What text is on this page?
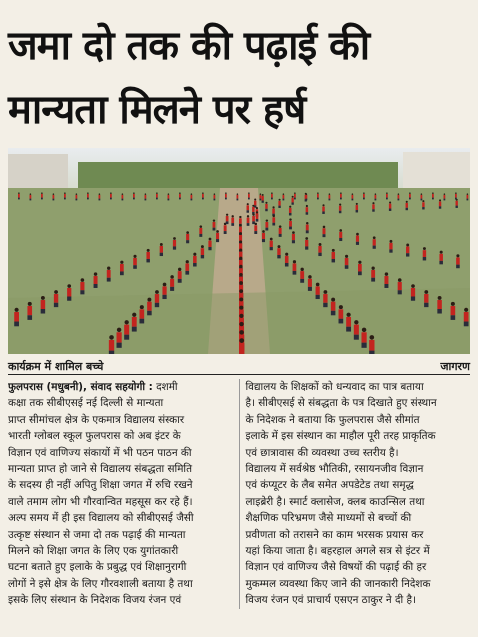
जमा दो तक की पढ़ाई की
मान्यता मिलने पर हर्ष
कार्यक्रम में शामिल बच्चे	जागरण
फुलपरास (मधुबनी), संवाद सहयोगी : दशमी
कक्षा तक सीबीएसई नई दिल्ली से मान्यता
प्राप्त सीमांचल क्षेत्र के एकमात्र विद्यालय संस्कार
भारती ग्लोबल स्कूल फुलपरास को अब इंटर के
विज्ञान एवं वाणिज्य संकायों में भी पठन पाठन की
मान्यता प्राप्त हो जाने से विद्यालय संबद्धता समिति
के सदस्य ही नहीं अपितु शिक्षा जगत में रुचि रखने
वाले तमाम लोग भी गौरवान्वित महसूस कर रहे हैं।
अल्प समय में ही इस विद्यालय को सीबीएसई जैसी
उत्कृष्ट संस्थान से जमा दो तक पढ़ाई की मान्यता
मिलने को शिक्षा जगत के लिए एक युगांतकारी
घटना बताते हुए इलाके के प्रबुद्ध एवं शिक्षानुरागी
लोगों ने इसे क्षेत्र के लिए गौरवशाली बताया है तथा
इसके लिए संस्थान के निदेशक विजय रंजन एवं
विद्यालय के शिक्षकों को धन्यवाद का पात्र बताया
है। सीबीएसई से संबद्धता के पत्र दिखाते हुए संस्थान
के निदेशक ने बताया कि फुलपरास जैसे सीमांत
इलाके में इस संस्थान का माहौल पूरी तरह प्राकृतिक
एवं छात्रावास की व्यवस्था उच्च स्तरीय है।
विद्यालय में सर्वश्रेष्ठ भौतिकी, रसायनजीव विज्ञान
एवं कंप्यूटर के लैब समेत अपडेटेड तथा समृद्ध
लाइब्रेरी है। स्मार्ट क्लासेज, क्लब काउन्सिल तथा
शैक्षणिक परिभ्रमण जैसे माध्यमों से बच्चों की
प्रवीणता को तरासने का काम भरसक प्रयास कर
यहां किया जाता है। बहरहाल अगले सत्र से इंटर में
विज्ञान एवं वाणिज्य जैसे विषयों की पढ़ाई की हर
मुकम्मल व्यवस्था किए जाने की जानकारी निदेशक
विजय रंजन एवं प्राचार्य एसएन ठाकुर ने दी है।
